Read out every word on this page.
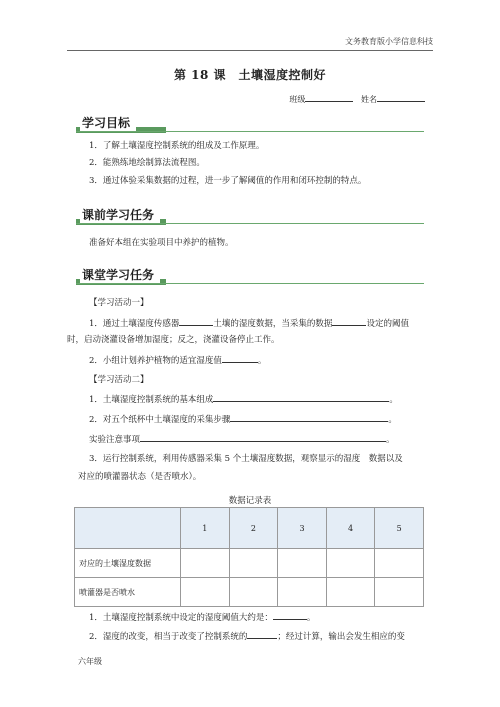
文务教育版小学信息科技
第 18 课　土壤湿度控制好
班级	姓名
学习目标
1．了解土壤湿度控制系统的组成及工作原理。
2．能熟练地绘制算法流程图。
3．通过体验采集数据的过程，进一步了解阈值的作用和闭环控制的特点。
课前学习任务
准备好本组在实验项目中养护的植物。
课堂学习任务
【学习活动一】
1．通过土壤湿度传感器	土壤的湿度数据，当采集的数据	设定的阈值
时，启动浇灌设备增加湿度；反之，浇灌设备停止工作。
2．小组计划养护植物的适宜湿度值	。
【学习活动二】
1．土壤湿度控制系统的基本组成	。
2．对五个纸杯中土壤湿度的采集步骤	。
实验注意事项	。
3．运行控制系统，利用传感器采集 5 个土壤湿度数据，观察显示的湿度　数据以及
对应的喷灌器状态（是否喷水）。
数据记录表
	1	2	3	4	5
对应的土壤湿度数据					
喷灌器是否喷水					
1．土壤湿度控制系统中设定的湿度阈值大约是：	。
2．湿度的改变，相当于改变了控制系统的	；经过计算，输出会发生相应的变
六年级
